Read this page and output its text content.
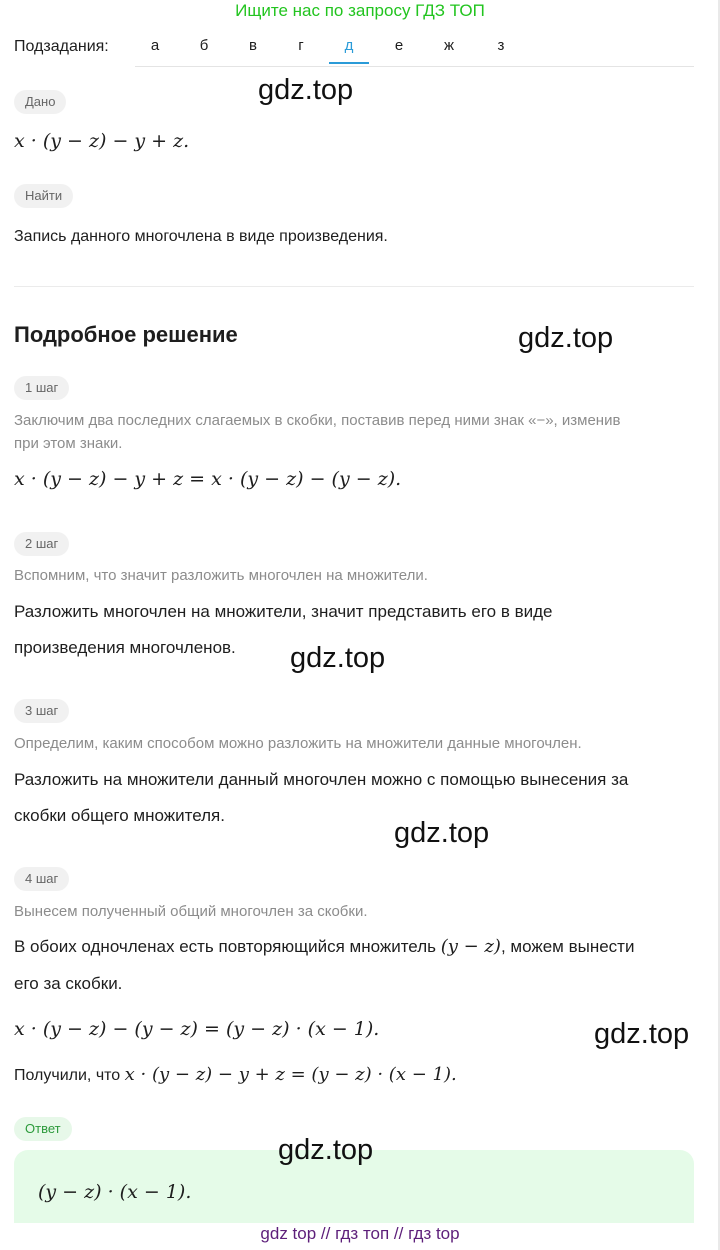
Ищите нас по запросу ГДЗ ТОП
Подзадания:	а	б	в	г	д	е	ж	з
Дано
x · (y − z) − y + z.
Найти
Запись данного многочлена в виде произведения.
Подробное решение
1 шаг
Заключим два последних слагаемых в скобки, поставив перед ними знак «−», изменив
при этом знаки.
x · (y − z) − y + z = x · (y − z) − (y − z).
2 шаг
Вспомним, что значит разложить многочлен на множители.
Разложить многочлен на множители, значит представить его в виде
произведения многочленов.
3 шаг
Определим, каким способом можно разложить на множители данные многочлен.
Разложить на множители данный многочлен можно с помощью вынесения за
скобки общего множителя.
4 шаг
Вынесем полученный общий многочлен за скобки.
В обоих одночленах есть повторяющийся множитель (y − z), можем вынести
его за скобки.
x · (y − z) − (y − z) = (y − z) · (x − 1).
Получили, что x · (y − z) − y + z = (y − z) · (x − 1).
Ответ
(y − z) · (x − 1).
gdz.top
gdz.top
gdz.top
gdz.top
gdz.top
gdz.top
gdz top // гдз топ // гдз top
